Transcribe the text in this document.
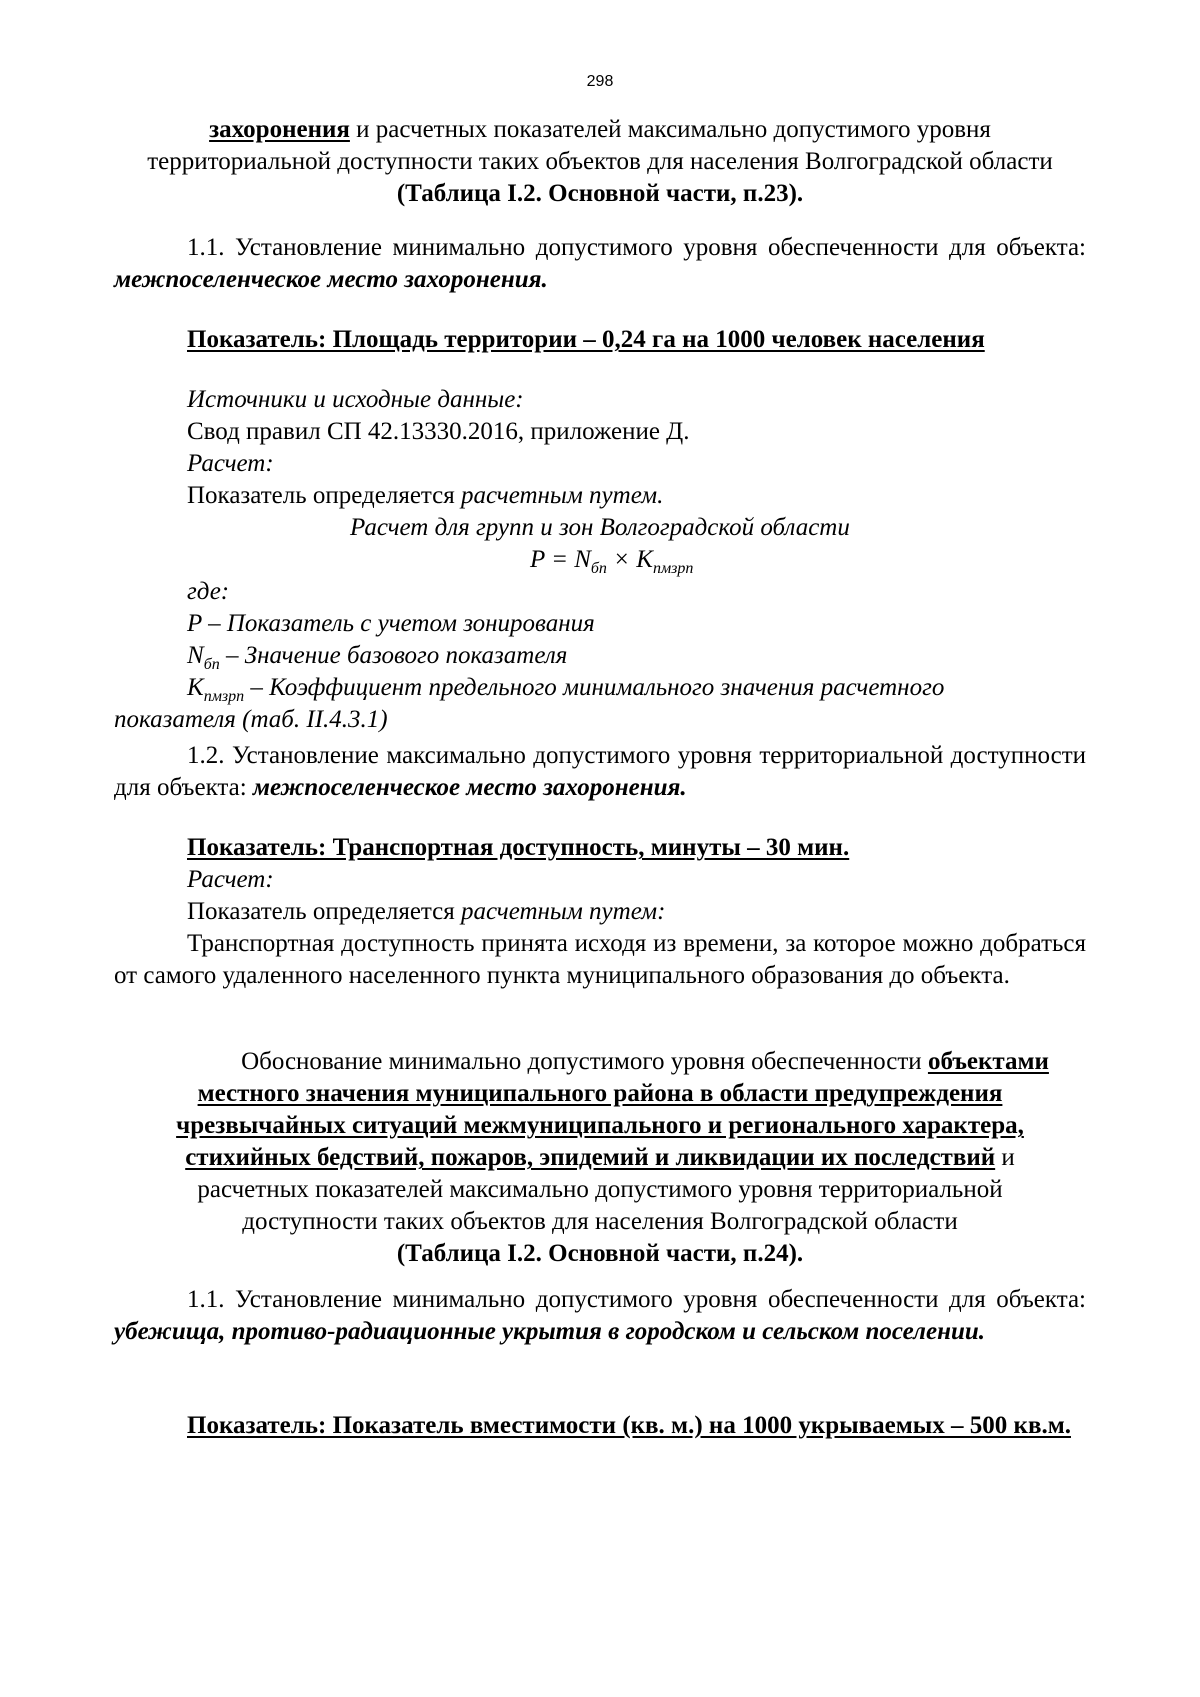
298
захоронения и расчетных показателей максимально допустимого уровня
территориальной доступности таких объектов для населения Волгоградской области
(Таблица I.2. Основной части, п.23).
1.1. Установление минимально допустимого уровня обеспеченности для объекта: межпоселенческое место захоронения.
Показатель: Площадь территории – 0,24 га на 1000 человек населения
Источники и исходные данные:
Свод правил СП 42.13330.2016, приложение Д.
Расчет:
Показатель определяется расчетным путем.
Расчет для групп и зон Волгоградской области
$P = N_{бп} \times K_{пмзрп}$
где:
P – Показатель с учетом зонирования
$N_{бп}$ – Значение базового показателя
$K_{пмзрп}$ – Коэффициент предельного минимального значения расчетного
показателя (таб. II.4.3.1)
1.2. Установление максимально допустимого уровня территориальной доступности для объекта: межпоселенческое место захоронения.
Показатель: Транспортная доступность, минуты – 30 мин.
Расчет:
Показатель определяется расчетным путем:
Транспортная доступность принята исходя из времени, за которое можно добраться от самого удаленного населенного пункта муниципального образования до объекта.
Обоснование минимально допустимого уровня обеспеченности объектами
местного значения муниципального района в области предупреждения
чрезвычайных ситуаций межмуниципального и регионального характера,
стихийных бедствий, пожаров, эпидемий и ликвидации их последствий и
расчетных показателей максимально допустимого уровня территориальной
доступности таких объектов для населения Волгоградской области
(Таблица I.2. Основной части, п.24).
1.1. Установление минимально допустимого уровня обеспеченности для объекта: убежища, противо-радиационные укрытия в городском и сельском поселении.
Показатель: Показатель вместимости (кв. м.) на 1000 укрываемых – 500 кв.м.
